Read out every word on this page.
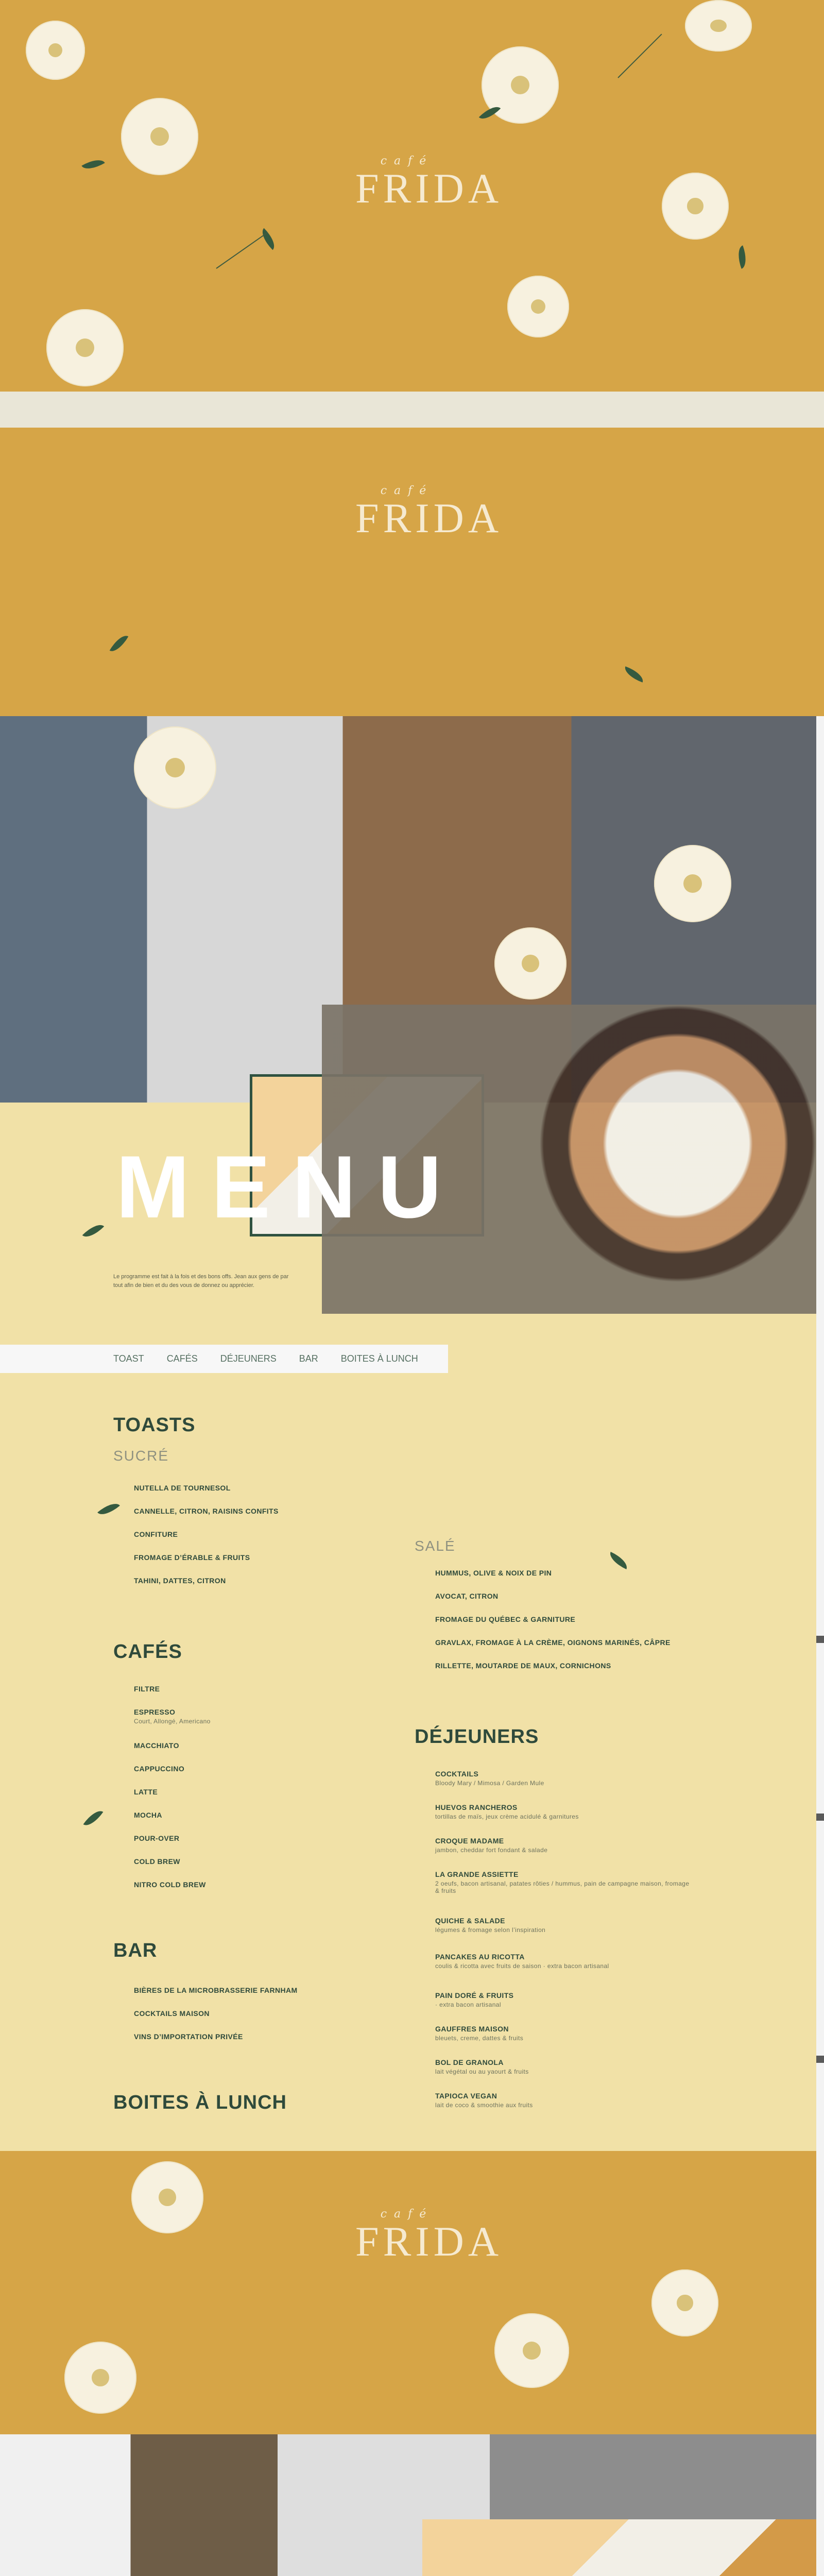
café
FRIDA
café
FRIDA
MENU
Le programme est fait à la fois et des bons offs. Jean aux gens de par tout afin de bien et du des vous de donnez ou apprécier.
TOAST CAFÉS DÉJEUNERS BAR BOITES À LUNCH
TOASTS
SUCRÉ
NUTELLA DE TOURNESOL
CANNELLE, CITRON, RAISINS CONFITS
CONFITURE
FROMAGE D’ÉRABLE & FRUITS
TAHINI, DATTES, CITRON
SALÉ
HUMMUS, OLIVE & NOIX DE PIN
AVOCAT, CITRON
FROMAGE DU QUÉBEC & GARNITURE
GRAVLAX, FROMAGE À LA CRÈME, OIGNONS MARINÉS, CÂPRE
RILLETTE, MOUTARDE DE MAUX, CORNICHONS
CAFÉS
FILTRE
ESPRESSO
Court, Allongé, Americano
MACCHIATO
CAPPUCCINO
LATTE
MOCHA
POUR-OVER
COLD BREW
NITRO COLD BREW
DÉJEUNERS
COCKTAILS
Bloody Mary / Mimosa / Garden Mule
HUEVOS RANCHEROS
tortillas de maïs, jeux crème acidulé & garnitures
CROQUE MADAME
jambon, cheddar fort fondant & salade
LA GRANDE ASSIETTE
2 oeufs, bacon artisanal, patates rôties / hummus, pain de campagne maison, fromage & fruits
QUICHE & SALADE
légumes & fromage selon l’inspiration
PANCAKES AU RICOTTA
coulis & ricotta avec fruits de saison · extra bacon artisanal
PAIN DORÉ & FRUITS
· extra bacon artisanal
GAUFFRES MAISON
bleuets, creme, dattes & fruits
BOL DE GRANOLA
lait végétal ou au yaourt & fruits
TAPIOCA VEGAN
lait de coco & smoothie aux fruits
BAR
BIÈRES DE LA MICROBRASSERIE FARNHAM
COCKTAILS MAISON
VINS D’IMPORTATION PRIVÉE
BOITES À LUNCH
café
FRIDA
